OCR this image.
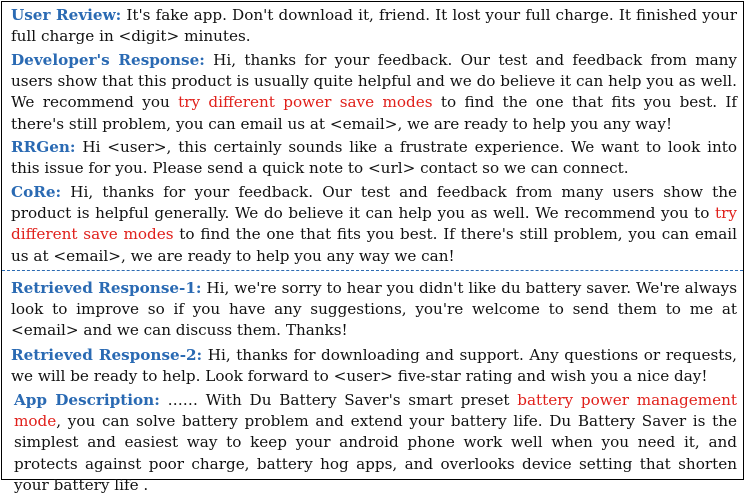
User Review: It's fake app. Don't download it, friend. It lost your full charge. It finished your full charge in <digit> minutes.
Developer's Response: Hi, thanks for your feedback. Our test and feedback from many users show that this product is usually quite helpful and we do believe it can help you as well. We recommend you try different power save modes to find the one that fits you best. If there's still problem, you can email us at <email>, we are ready to help you any way!
RRGen: Hi <user>, this certainly sounds like a frustrate experience. We want to look into this issue for you. Please send a quick note to <url> contact so we can connect.
CoRe: Hi, thanks for your feedback. Our test and feedback from many users show the product is helpful generally. We do believe it can help you as well. We recommend you to try different save modes to find the one that fits you best. If there's still problem, you can email us at <email>, we are ready to help you any way we can!
Retrieved Response-1: Hi, we're sorry to hear you didn't like du battery saver. We're always look to improve so if you have any suggestions, you're welcome to send them to me at <email> and we can discuss them. Thanks!
Retrieved Response-2: Hi, thanks for downloading and support. Any questions or requests, we will be ready to help. Look forward to <user> five-star rating and wish you a nice day!
App Description: …… With Du Battery Saver's smart preset battery power management mode, you can solve battery problem and extend your battery life. Du Battery Saver is the simplest and easiest way to keep your android phone work well when you need it, and protects against poor charge, battery hog apps, and overlooks device setting that shorten your battery life .
